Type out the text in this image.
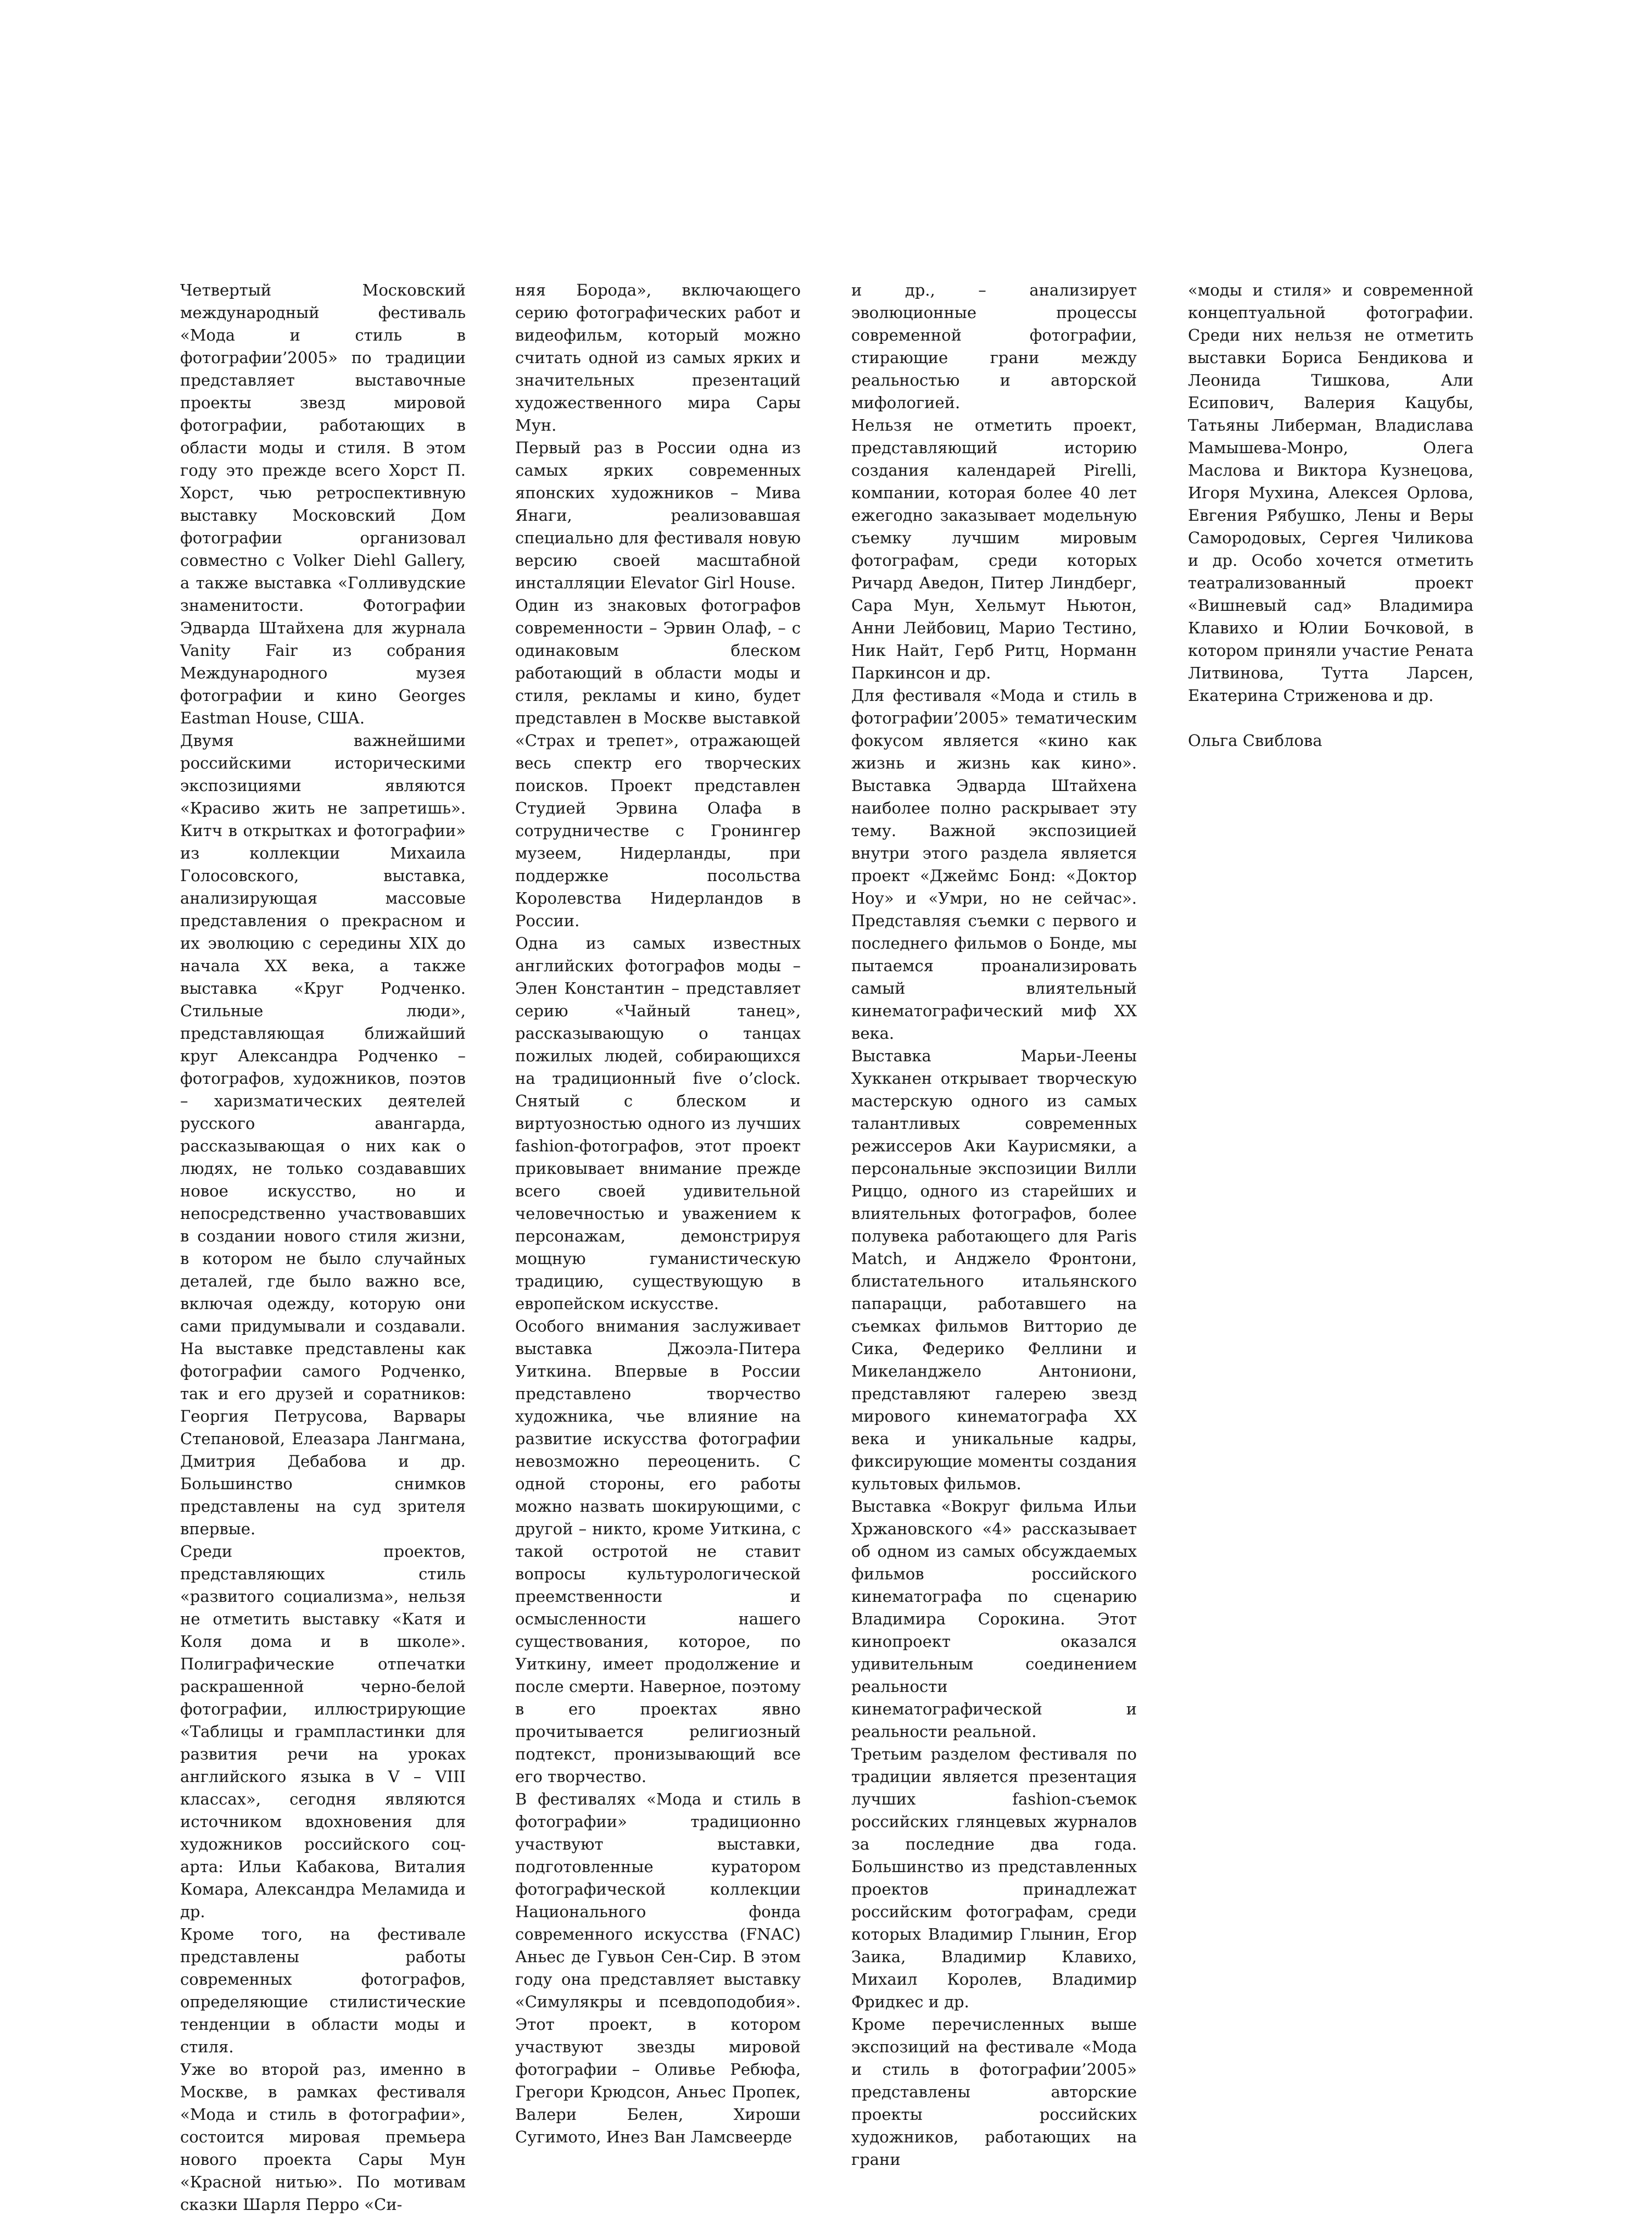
Четвертый Московский международный фестиваль «Мода и стиль в фотографии’2005» по традиции представляет выставочные проекты звезд мировой фотографии, работающих в области моды и стиля. В этом году это прежде всего Хорст П. Хорст, чью ретроспективную выставку Московский Дом фотографии организовал совместно с Volker Diehl Gallery, а также выставка «Голливудские знаменитости. Фотографии Эдварда Штайхена для журнала Vanity Fair из собрания Международного музея фотографии и кино Georges Eastman House, США.

Двумя важнейшими российскими историческими экспозициями являются «Красиво жить не запретишь». Китч в открытках и фотографии» из коллекции Михаила Голосовского, выставка, анализирующая массовые представления о прекрасном и их эволюцию с середины XIX до начала XX века, а также выставка «Круг Родченко. Стильные люди», представляющая ближайший круг Александра Родченко – фотографов, художников, поэтов – харизматических деятелей русского авангарда, рассказывающая о них как о людях, не только создававших новое искусство, но и непосредственно участвовавших в создании нового стиля жизни, в котором не было случайных деталей, где было важно все, включая одежду, которую они сами придумывали и создавали. На выставке представлены как фотографии самого Родченко, так и его друзей и соратников: Георгия Петрусова, Варвары Степановой, Елеазара Лангмана, Дмитрия Дебабова и др. Большинство снимков представлены на суд зрителя впервые.

Среди проектов, представляющих стиль «развитого социализма», нельзя не отметить выставку «Катя и Коля дома и в школе». Полиграфические отпечатки раскрашенной черно-белой фотографии, иллюстрирующие «Таблицы и грампластинки для развития речи на уроках английского языка в V – VIII классах», сегодня являются источником вдохновения для художников российского соц-арта: Ильи Кабакова, Виталия Комара, Александра Меламида и др.

Кроме того, на фестивале представлены работы современных фотографов, определяющие стилистические тенденции в области моды и стиля.

Уже во второй раз, именно в Москве, в рамках фестиваля «Мода и стиль в фотографии», состоится мировая премьера нового проекта Сары Мун «Красной нитью». По мотивам сказки Шарля Перро «Си-

няя Борода», включающего серию фотографических работ и видеофильм, который можно считать одной из самых ярких и значительных презентаций художественного мира Сары Мун.

Первый раз в России одна из самых ярких современных японских художников – Мива Янаги, реализовавшая специально для фестиваля новую версию своей масштабной инсталляции Elevator Girl House.

Один из знаковых фотографов современности – Эрвин Олаф, – с одинаковым блеском работающий в области моды и стиля, рекламы и кино, будет представлен в Москве выставкой «Страх и трепет», отражающей весь спектр его творческих поисков. Проект представлен Студией Эрвина Олафа в сотрудничестве с Гронингер музеем, Нидерланды, при поддержке посольства Королевства Нидерландов в России.

Одна из самых известных английских фотографов моды – Элен Константин – представляет серию «Чайный танец», рассказывающую о танцах пожилых людей, собирающихся на традиционный five o’clock. Снятый с блеском и виртуозностью одного из лучших fashion-фотографов, этот проект приковывает внимание прежде всего своей удивительной человечностью и уважением к персонажам, демонстрируя мощную гуманистическую традицию, существующую в европейском искусстве.

Особого внимания заслуживает выставка Джоэла-Питера Уиткина. Впервые в России представлено творчество художника, чье влияние на развитие искусства фотографии невозможно переоценить. С одной стороны, его работы можно назвать шокирующими, с другой – никто, кроме Уиткина, с такой остротой не ставит вопросы культурологической преемственности и осмысленности нашего существования, которое, по Уиткину, имеет продолжение и после смерти. Наверное, поэтому в его проектах явно прочитывается религиозный подтекст, пронизывающий все его творчество.

В фестивалях «Мода и стиль в фотографии» традиционно участвуют выставки, подготовленные куратором фотографической коллекции Национального фонда современного искусства (FNAC) Аньес де Гувьон Сен-Сир. В этом году она представляет выставку «Симулякры и псевдоподобия». Этот проект, в котором участвуют звезды мировой фотографии – Оливье Ребюфа, Грегори Крюдсон, Аньес Пропек, Валери Белен, Хироши Сугимото, Инез Ван Ламсвеерде

и др., – анализирует эволюционные процессы современной фотографии, стирающие грани между реальностью и авторской мифологией.

Нельзя не отметить проект, представляющий историю создания календарей Pirelli, компании, которая более 40 лет ежегодно заказывает модельную съемку лучшим мировым фотографам, среди которых Ричард Аведон, Питер Линдберг, Сара Мун, Хельмут Ньютон, Анни Лейбовиц, Марио Тестино, Ник Найт, Герб Ритц, Норманн Паркинсон и др.

Для фестиваля «Мода и стиль в фотографии’2005» тематическим фокусом является «кино как жизнь и жизнь как кино». Выставка Эдварда Штайхена наиболее полно раскрывает эту тему. Важной экспозицией внутри этого раздела является проект «Джеймс Бонд: «Доктор Ноу» и «Умри, но не сейчас». Представляя съемки с первого и последнего фильмов о Бонде, мы пытаемся проанализировать самый влиятельный кинематографический миф XX века.

Выставка Марьи-Леены Хукканен открывает творческую мастерскую одного из самых талантливых современных режиссеров Аки Каурисмяки, а персональные экспозиции Вилли Риццо, одного из старейших и влиятельных фотографов, более полувека работающего для Paris Match, и Анджело Фронтони, блистательного итальянского папарацци, работавшего на съемках фильмов Витторио де Сика, Федерико Феллини и Микеланджело Антониони, представляют галерею звезд мирового кинематографа XX века и уникальные кадры, фиксирующие моменты создания культовых фильмов.

Выставка «Вокруг фильма Ильи Хржановского «4» рассказывает об одном из самых обсуждаемых фильмов российского кинематографа по сценарию Владимира Сорокина. Этот кинопроект оказался удивительным соединением реальности кинематографической и реальности реальной.

Третьим разделом фестиваля по традиции является презентация лучших fashion-съемок российских глянцевых журналов за последние два года. Большинство из представленных проектов принадлежат российским фотографам, среди которых Владимир Глынин, Егор Заика, Владимир Клавихо, Михаил Королев, Владимир Фридкес и др.

Кроме перечисленных выше экспозиций на фестивале «Мода и стиль в фотографии’2005» представлены авторские проекты российских художников, работающих на грани

«моды и стиля» и современной концептуальной фотографии. Среди них нельзя не отметить выставки Бориса Бендикова и Леонида Тишкова, Али Есипович, Валерия Кацубы, Татьяны Либерман, Владислава Мамышева-Монро, Олега Маслова и Виктора Кузнецова, Игоря Мухина, Алексея Орлова, Евгения Рябушко, Лены и Веры Самородовых, Сергея Чиликова и др. Особо хочется отметить театрализованный проект «Вишневый сад» Владимира Клавихо и Юлии Бочковой, в котором приняли участие Рената Литвинова, Тутта Ларсен, Екатерина Стриженова и др.

Ольга Свиблова
